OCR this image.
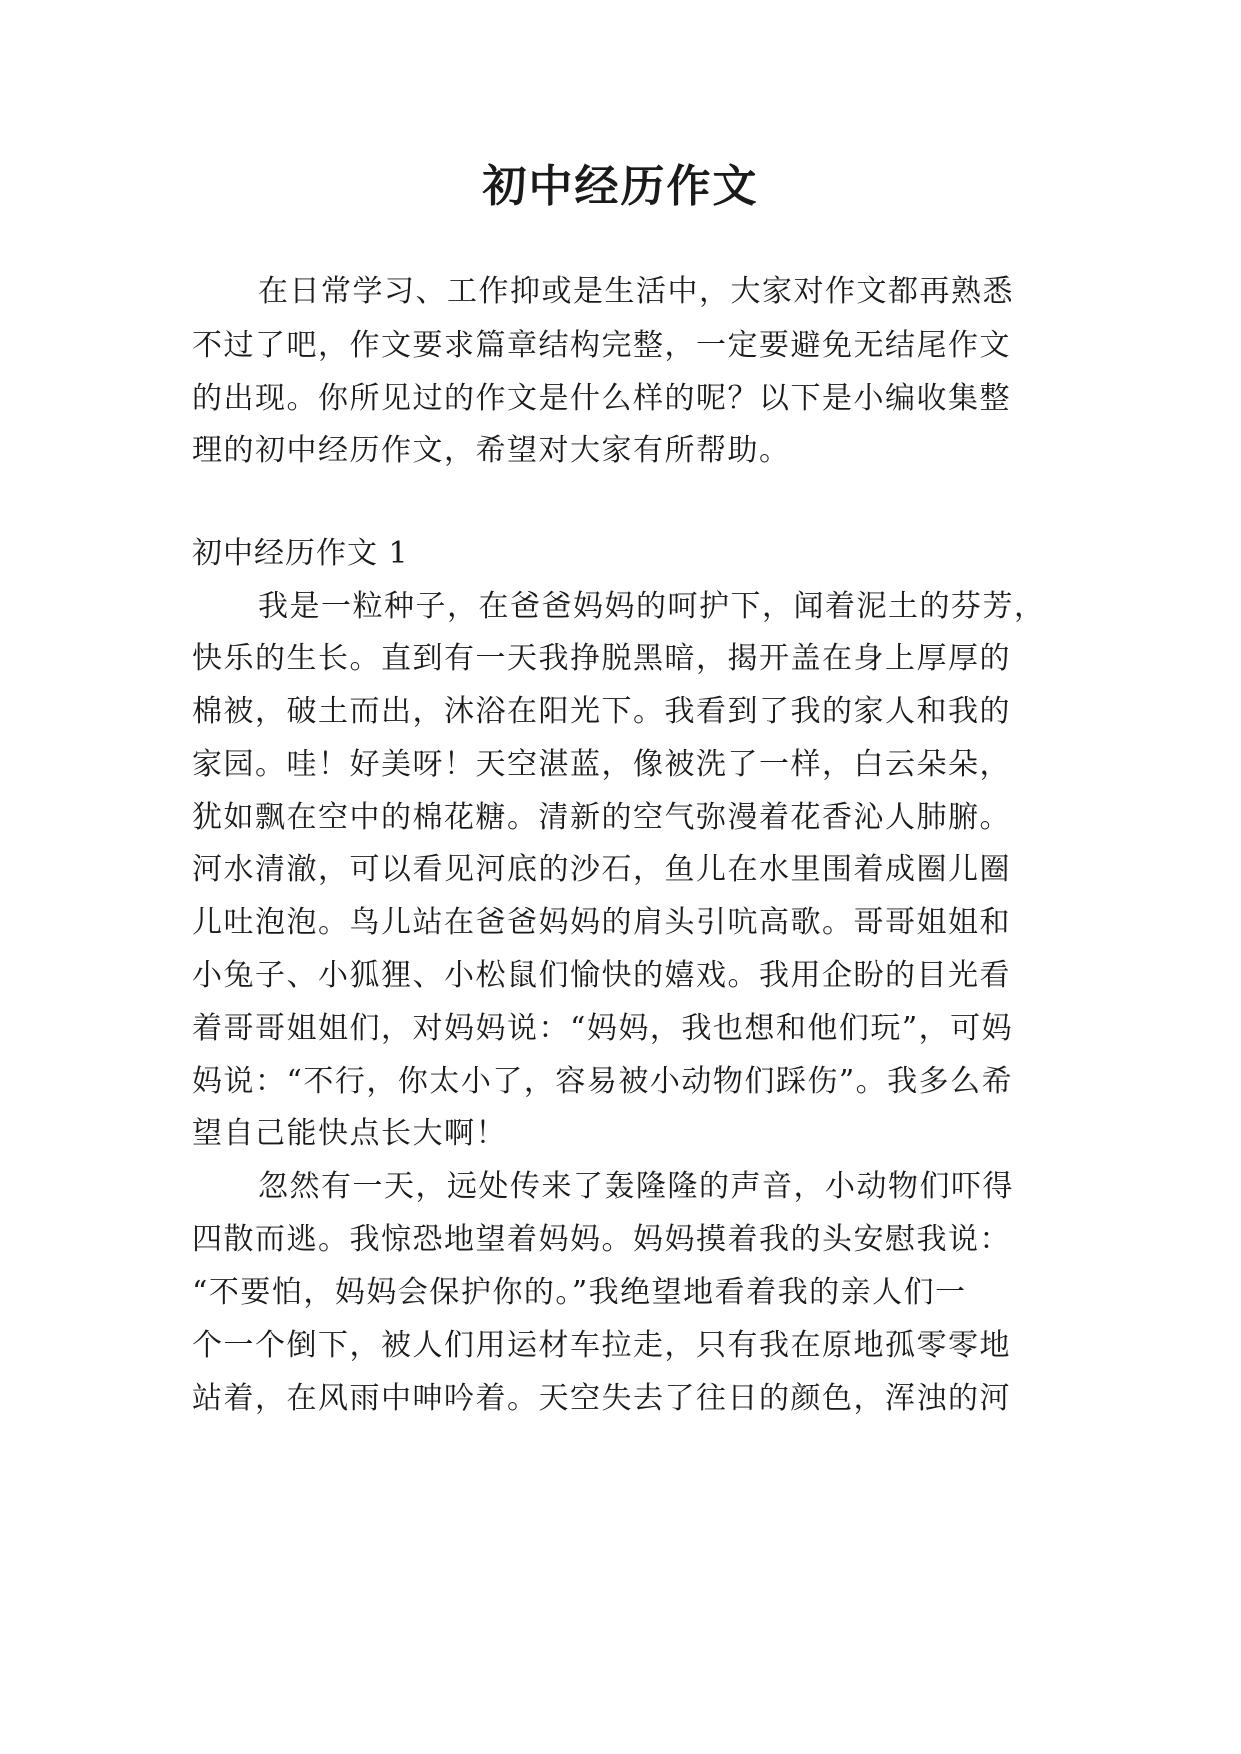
初中经历作文
在日常学习、工作抑或是生活中，大家对作文都再熟悉
不过了吧，作文要求篇章结构完整，一定要避免无结尾作文
的出现。你所见过的作文是什么样的呢？以下是小编收集整
理的初中经历作文，希望对大家有所帮助。
初中经历作文 1
我是一粒种子，在爸爸妈妈的呵护下，闻着泥土的芬芳，
快乐的生长。直到有一天我挣脱黑暗，揭开盖在身上厚厚的
棉被，破土而出，沐浴在阳光下。我看到了我的家人和我的
家园。哇！好美呀！天空湛蓝，像被洗了一样，白云朵朵，
犹如飘在空中的棉花糖。清新的空气弥漫着花香沁人肺腑。
河水清澈，可以看见河底的沙石，鱼儿在水里围着成圈儿圈
儿吐泡泡。鸟儿站在爸爸妈妈的肩头引吭高歌。哥哥姐姐和
小兔子、小狐狸、小松鼠们愉快的嬉戏。我用企盼的目光看
着哥哥姐姐们，对妈妈说：“妈妈，我也想和他们玩”，可妈
妈说：“不行，你太小了，容易被小动物们踩伤”。我多么希
望自己能快点长大啊！
忽然有一天，远处传来了轰隆隆的声音，小动物们吓得
四散而逃。我惊恐地望着妈妈。妈妈摸着我的头安慰我说：
“不要怕，妈妈会保护你的。”我绝望地看着我的亲人们一
个一个倒下，被人们用运材车拉走，只有我在原地孤零零地
站着，在风雨中呻吟着。天空失去了往日的颜色，浑浊的河
